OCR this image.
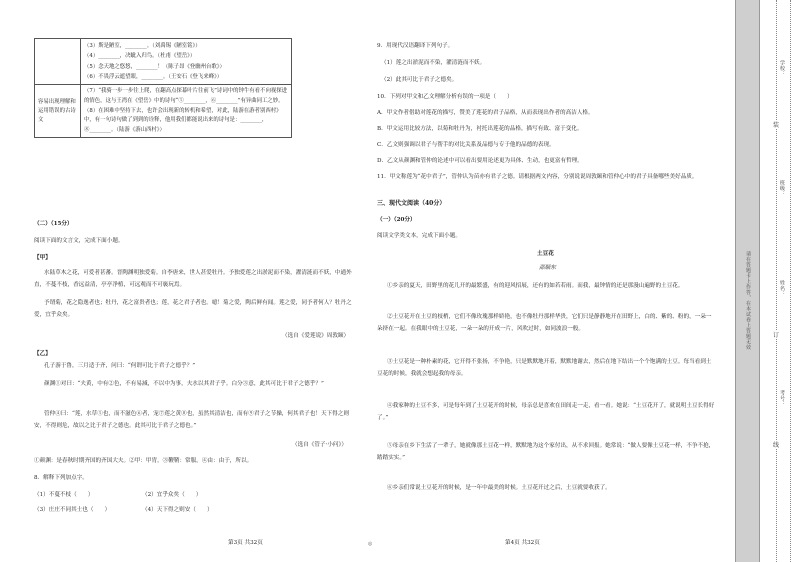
	（3）斯是陋室，________。（刘禹锡《陋室铭》）
（4）________，决眦入归鸟。（杜甫《望岳》）
（5）念天地之悠悠，________！（陈子昂《登幽州台歌》）
（6）不畏浮云遮望眼，________。（王安石《登飞来峰》）

容易出现理解和运用错误的古诗文	（7）“我骑一步一步往上爬，在翻高点探幕叶片往前飞”诗词中的钟牛有看不向视探进的情色，这与王湾在《望岳》中的诗句“⑤________，⑥________”有异曲同工之妙。
（8）在困难中坚持下去，也许会出现新的转机和希望，对此，陆游在游者别西村》中，有一句诗句做了到到的诠释，他用我们都能说出来的诗句是：________，⑧________。（陆游《游山西村》）
（二）（15分）
阅读下面的文言文，完成下面小题。
【甲】
水陆草木之花，可爱者甚蕃。晋陶渊明独爱菊。自李唐来，世人甚爱牡丹。予独爱莲之出淤泥而不染，濯清涟而不妖，中通外直，不蔓不枝，香远益清，亭亭净植，可远观而不可亵玩焉。
予谓菊，花之隐逸者也；牡丹，花之富贵者也；莲，花之君子者也。噫！菊之爱，陶后鲜有闻。莲之爱，同予者何人？牡丹之爱，宜乎众矣。
（选自《爱莲说》周敦颐）
【乙】
孔子游于鲁，三月适于齐，问曰：“何谓可比于君子之德乎？”
颜渊①对曰：“夫黄，中有②色，不有易減，不以中为事，夫水以其君子乎。白分③意，此其可比于君子之德乎？”
管仲④曰：“莲，水草⑤也，而不滋色⑥者，宠⑦莲之黄⑧也，虽然其清洁也，而有⑨君子之节操，何其君子也！天下得之则安，不得则危，故以之比于君子之德也。此其可比于君子之德也。”
（选自《管子·小问》）
①颜渊：是春秋时期齐国的齐国大夫。②甲：甲胄。③鞭鞘：常服。④由：由于，所以。
8．解释下列加点字。
（1）不蔓不枝（　　）	（2）宜乎众矣（　　）
（3）庄庄不同其士也（　　）	（4）天下得之则安（　　）
第3页 共32页	◎
9．用现代汉语翻译下列句子。
（1）莲之出淤泥而不染，濯清涟而不妖。
（2）此其可比于君子之德矣。
10．下列对甲文和乙文理解分析有误的一项是（　　）
A．甲文作者借助对莲花的描写，赞美了莲花的君子品格，从而表现出作者的高洁人格。
B．甲文运用比较方法，以菊和牡丹为，衬托出莲花的品格，描写有致、富于变化。
C．乙文则强调以君子与帮手的对比关系及品德与专于他的品德的表现。
D．乙文从颜渊和管仲的论述中可以看出要用论述更为具体、生动，也更富有哲理。
11．甲文称莲为“花中君子”，管仲认为苗亦有君子之德。请根据两文内容，分别说说周敦颐和管仲心中的君子具备哪些美好品质。
三、现代文阅读（40分）
（一）（20分）
阅读文学类文本，完成下面小题。
土豆花
邵顺东
①乡亲的夏天，田野里的花儿开的最繁盛，有的迎风招展，还有的如若若雨。而我，最钟情的还是那漫山遍野的土豆花。
②土豆花开在土豆的枝梢，它们不像玫瑰那样娇艳，也不像牡丹那样华贵，它们只是静静地开在田野上，白的、紫的、粉的，一朵一朵挤在一起。在我眼中的土豆花，一朵一朵的开成一片，风吹过时，如同波浪一般。
③土豆花是一种朴素的花，它开得不张扬，不争艳，只是默默地开着，默默地谢去，然后在地下结出一个个饱满的土豆。每当看到土豆花的时候，我就会想起我的母亲。
④我家种的土豆不多，可是每年到了土豆花开的时候，母亲总是喜欢在田间走一走，看一看。她说：“土豆花开了，就说明土豆长得好了。”
⑤母亲在乡下生活了一辈子，她就像那土豆花一样，默默地为这个家付出，从不求回报。她常说：“做人要像土豆花一样，不争不抢，踏踏实实。”
⑥乡亲们常说土豆花开的时候，是一年中最美的时候。土豆花开过之后，土豆就要收获了。
第4页 共32页
请在答题卡上作答，在本试卷上答题无效
装
订
线
学校：
班级：
姓名：
考号：
